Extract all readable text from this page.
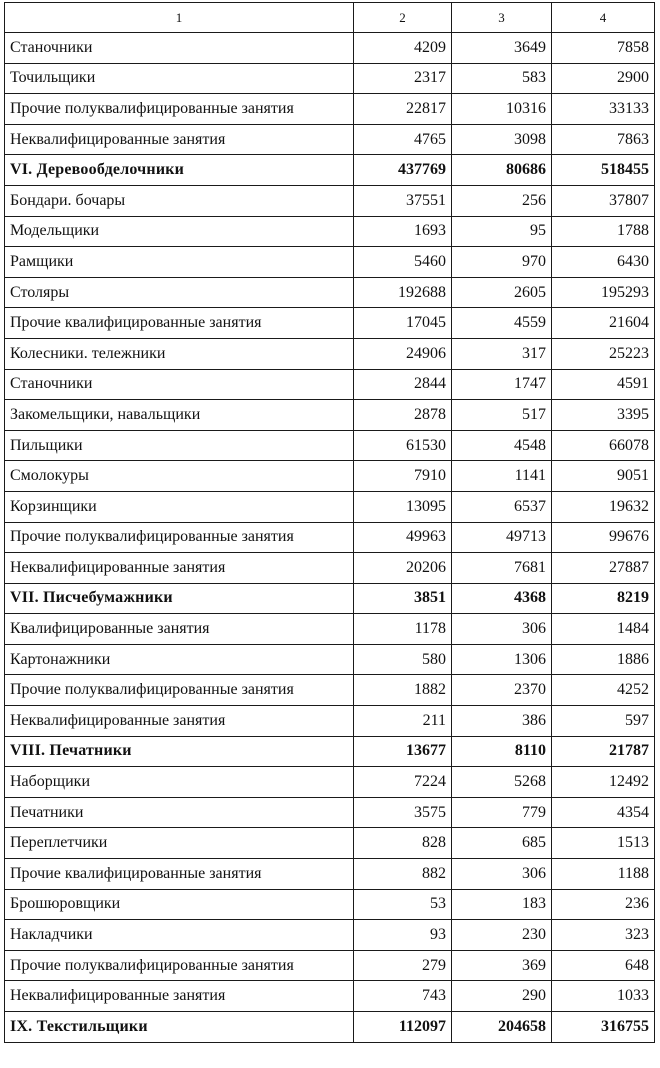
1	2	3	4
Станочники	4209	3649	7858
Точильщики	2317	583	2900
Прочие полуквалифицированные занятия	22817	10316	33133
Неквалифицированные занятия	4765	3098	7863
VI. Деревообделочники	437769	80686	518455
Бондари. бочары	37551	256	37807
Модельщики	1693	95	1788
Рамщики	5460	970	6430
Столяры	192688	2605	195293
Прочие квалифицированные занятия	17045	4559	21604
Колесники. тележники	24906	317	25223
Станочники	2844	1747	4591
Закомельщики, навальщики	2878	517	3395
Пильщики	61530	4548	66078
Смолокуры	7910	1141	9051
Корзинщики	13095	6537	19632
Прочие полуквалифицированные занятия	49963	49713	99676
Неквалифицированные занятия	20206	7681	27887
VII. Писчебумажники	3851	4368	8219
Квалифицированные занятия	1178	306	1484
Картонажники	580	1306	1886
Прочие полуквалифицированные занятия	1882	2370	4252
Неквалифицированные занятия	211	386	597
VIII. Печатники	13677	8110	21787
Наборщики	7224	5268	12492
Печатники	3575	779	4354
Переплетчики	828	685	1513
Прочие квалифицированные занятия	882	306	1188
Брошюровщики	53	183	236
Накладчики	93	230	323
Прочие полуквалифицированные занятия	279	369	648
Неквалифицированные занятия	743	290	1033
IX. Текстильщики	112097	204658	316755
